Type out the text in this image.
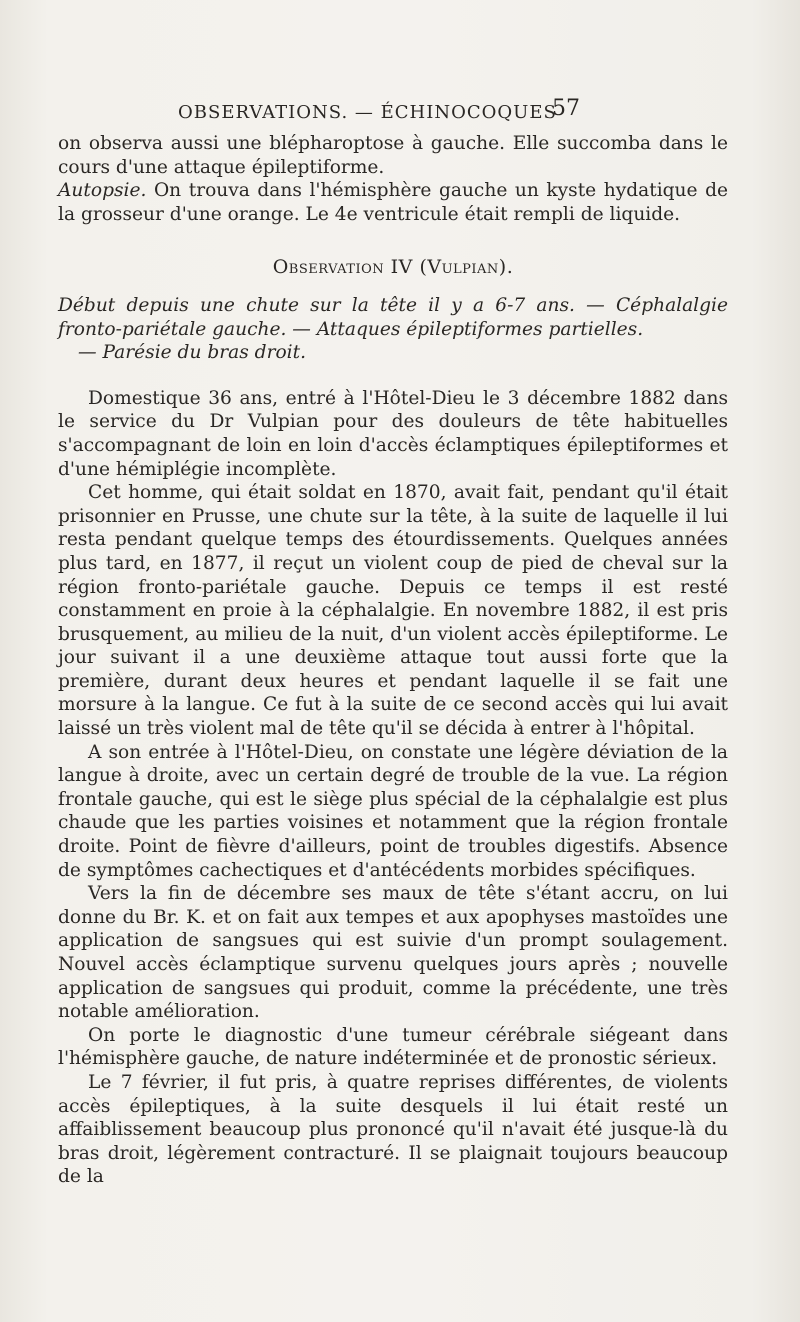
OBSERVATIONS. — ÉCHINOCOQUES
57

on observa aussi une blépharoptose à gauche. Elle succomba dans le cours d'une attaque épileptiforme.

Autopsie. On trouva dans l'hémisphère gauche un kyste hydatique de la grosseur d'une orange. Le 4e ventricule était rempli de liquide.

Observation IV (Vulpian).

Début depuis une chute sur la tête il y a 6-7 ans. — Céphalalgie fronto-pariétale gauche. — Attaques épileptiformes partielles.

— Parésie du bras droit.

Domestique 36 ans, entré à l'Hôtel-Dieu le 3 décembre 1882 dans le service du Dr Vulpian pour des douleurs de tête habituelles s'accompagnant de loin en loin d'accès éclamptiques épileptiformes et d'une hémiplégie incomplète.

Cet homme, qui était soldat en 1870, avait fait, pendant qu'il était prisonnier en Prusse, une chute sur la tête, à la suite de laquelle il lui resta pendant quelque temps des étourdissements. Quelques années plus tard, en 1877, il reçut un violent coup de pied de cheval sur la région fronto-pariétale gauche. Depuis ce temps il est resté constamment en proie à la céphalalgie. En novembre 1882, il est pris brusquement, au milieu de la nuit, d'un violent accès épileptiforme. Le jour suivant il a une deuxième attaque tout aussi forte que la première, durant deux heures et pendant laquelle il se fait une morsure à la langue. Ce fut à la suite de ce second accès qui lui avait laissé un très violent mal de tête qu'il se décida à entrer à l'hôpital.

A son entrée à l'Hôtel-Dieu, on constate une légère déviation de la langue à droite, avec un certain degré de trouble de la vue. La région frontale gauche, qui est le siège plus spécial de la céphalalgie est plus chaude que les parties voisines et notamment que la région frontale droite. Point de fièvre d'ailleurs, point de troubles digestifs. Absence de symptômes cachectiques et d'antécédents morbides spécifiques.

Vers la fin de décembre ses maux de tête s'étant accru, on lui donne du Br. K. et on fait aux tempes et aux apophyses mastoïdes une application de sangsues qui est suivie d'un prompt soulagement. Nouvel accès éclamptique survenu quelques jours après ; nouvelle application de sangsues qui produit, comme la précédente, une très notable amélioration.

On porte le diagnostic d'une tumeur cérébrale siégeant dans l'hémisphère gauche, de nature indéterminée et de pronostic sérieux.

Le 7 février, il fut pris, à quatre reprises différentes, de violents accès épileptiques, à la suite desquels il lui était resté un affaiblissement beaucoup plus prononcé qu'il n'avait été jusque-là du bras droit, légèrement contracturé. Il se plaignait toujours beaucoup de la
